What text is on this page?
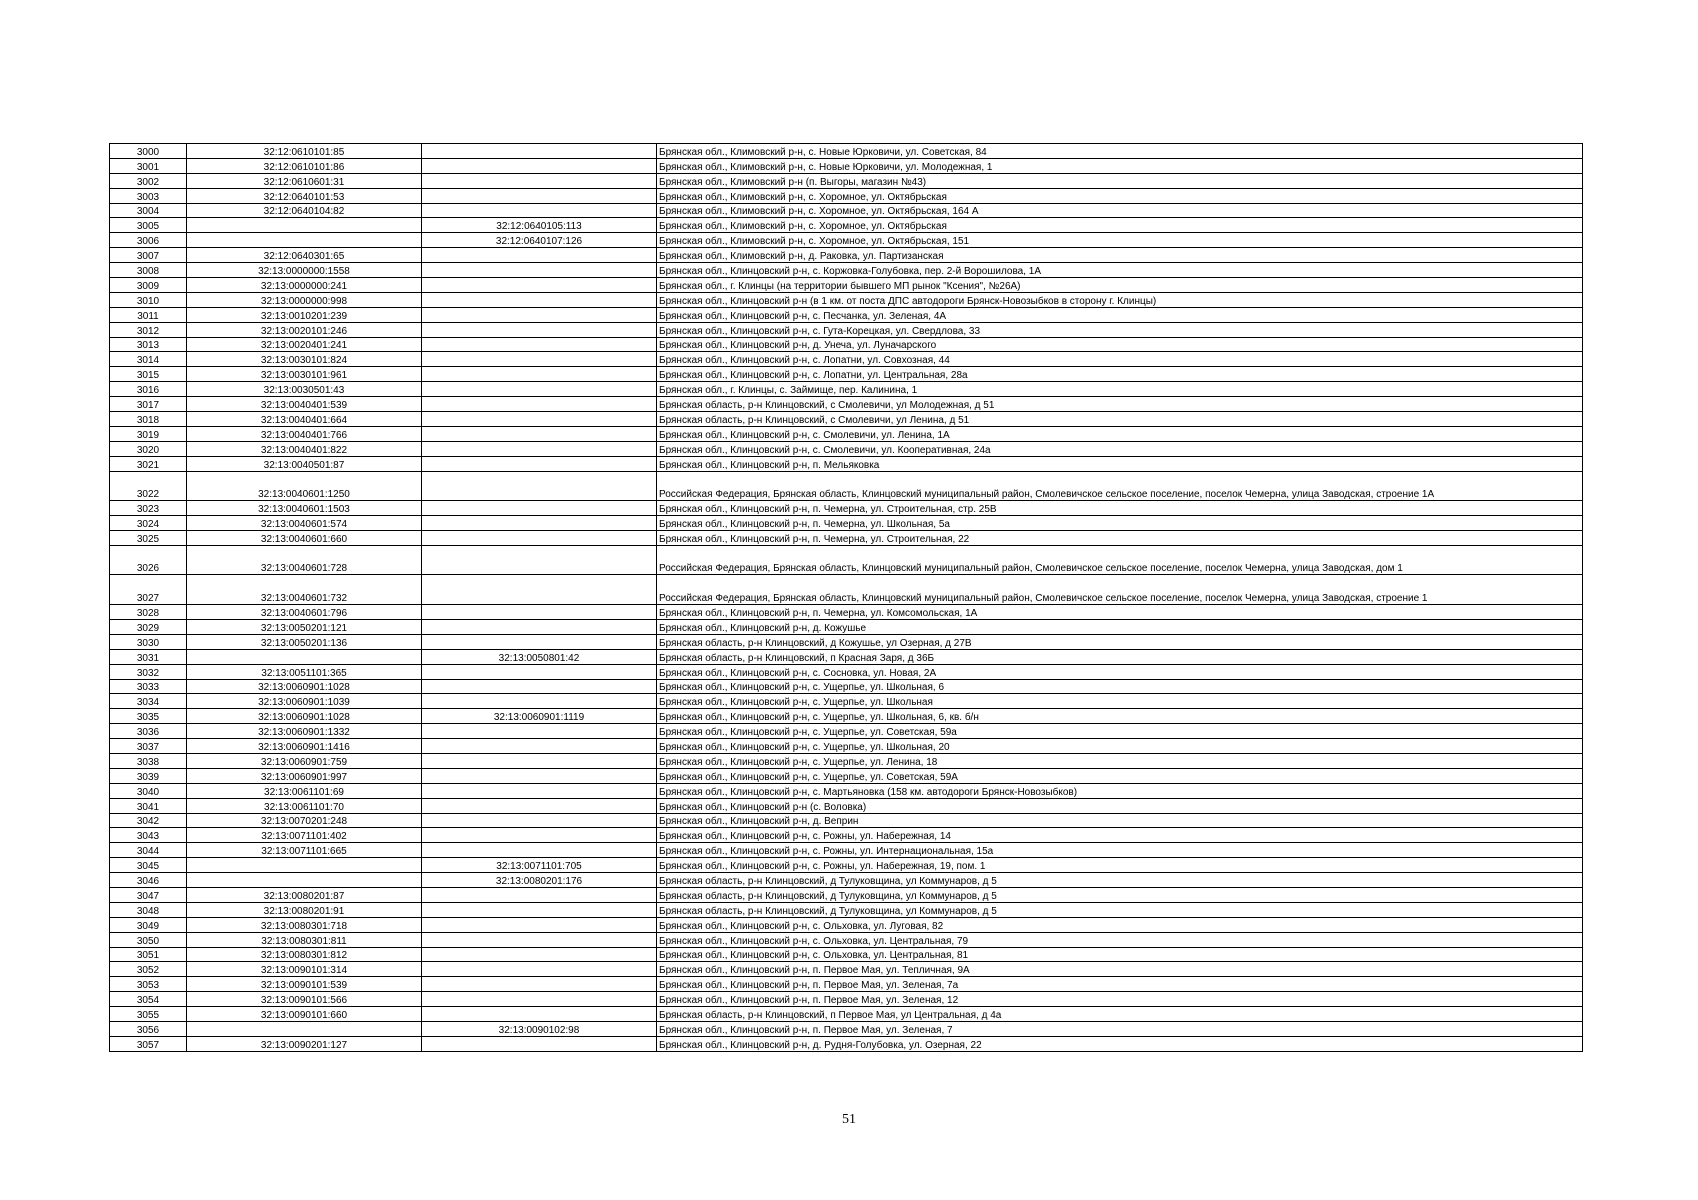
3000	32:12:0610101:85		Брянская обл., Климовский р-н, с. Новые Юрковичи, ул. Советская, 84
3001	32:12:0610101:86		Брянская обл., Климовский р-н, с. Новые Юрковичи, ул. Молодежная, 1
3002	32:12:0610601:31		Брянская обл., Климовский р-н (п. Выгоры, магазин №43)
3003	32:12:0640101:53		Брянская обл., Климовский р-н, с. Хоромное, ул. Октябрьская
3004	32:12:0640104:82		Брянская обл., Климовский р-н, с. Хоромное, ул. Октябрьская, 164 А
3005		32:12:0640105:113	Брянская обл., Климовский р-н, с. Хоромное, ул. Октябрьская
3006		32:12:0640107:126	Брянская обл., Климовский р-н, с. Хоромное, ул. Октябрьская, 151
3007	32:12:0640301:65		Брянская обл., Климовский р-н, д. Раковка, ул. Партизанская
3008	32:13:0000000:1558		Брянская обл., Клинцовский р-н, с. Коржовка-Голубовка, пер. 2-й Ворошилова, 1А
3009	32:13:0000000:241		Брянская обл., г. Клинцы (на территории бывшего МП рынок "Ксения", №26А)
3010	32:13:0000000:998		Брянская обл., Клинцовский р-н (в 1 км. от поста ДПС автодороги Брянск-Новозыбков в сторону г. Клинцы)
3011	32:13:0010201:239		Брянская обл., Клинцовский р-н, с. Песчанка, ул. Зеленая, 4А
3012	32:13:0020101:246		Брянская обл., Клинцовский р-н, с. Гута-Корецкая, ул. Свердлова, 33
3013	32:13:0020401:241		Брянская обл., Клинцовский р-н, д. Унеча, ул. Луначарского
3014	32:13:0030101:824		Брянская обл., Клинцовский р-н, с. Лопатни, ул. Совхозная, 44
3015	32:13:0030101:961		Брянская обл., Клинцовский р-н, с. Лопатни, ул. Центральная, 28а
3016	32:13:0030501:43		Брянская обл., г. Клинцы, с. Займище, пер. Калинина, 1
3017	32:13:0040401:539		Брянская область, р-н Клинцовский, с Смолевичи, ул Молодежная, д 51
3018	32:13:0040401:664		Брянская область, р-н Клинцовский, с Смолевичи, ул Ленина, д 51
3019	32:13:0040401:766		Брянская обл., Клинцовский р-н, с. Смолевичи, ул. Ленина, 1А
3020	32:13:0040401:822		Брянская обл., Клинцовский р-н, с. Смолевичи, ул. Кооперативная, 24а
3021	32:13:0040501:87		Брянская обл., Клинцовский р-н, п. Мельяковка
3022	32:13:0040601:1250		Российская Федерация, Брянская область, Клинцовский муниципальный район, Смолевичское сельское поселение, поселок Чемерна, улица Заводская, строение 1А
3023	32:13:0040601:1503		Брянская обл., Клинцовский р-н, п. Чемерна, ул. Строительная, стр. 25В
3024	32:13:0040601:574		Брянская обл., Клинцовский р-н, п. Чемерна, ул. Школьная, 5а
3025	32:13:0040601:660		Брянская обл., Клинцовский р-н, п. Чемерна, ул. Строительная, 22
3026	32:13:0040601:728		Российская Федерация, Брянская область, Клинцовский муниципальный район, Смолевичское сельское поселение, поселок Чемерна, улица Заводская, дом 1
3027	32:13:0040601:732		Российская Федерация, Брянская область, Клинцовский муниципальный район, Смолевичское сельское поселение, поселок Чемерна, улица Заводская, строение 1
3028	32:13:0040601:796		Брянская обл., Клинцовский р-н, п. Чемерна, ул. Комсомольская, 1А
3029	32:13:0050201:121		Брянская обл., Клинцовский р-н, д. Кожушье
3030	32:13:0050201:136		Брянская область, р-н Клинцовский, д Кожушье, ул Озерная, д 27В
3031		32:13:0050801:42	Брянская область, р-н Клинцовский, п Красная Заря, д 36Б
3032	32:13:0051101:365		Брянская обл., Клинцовский р-н, с. Сосновка, ул. Новая, 2А
3033	32:13:0060901:1028		Брянская обл., Клинцовский р-н, с. Ущерпье, ул. Школьная, 6
3034	32:13:0060901:1039		Брянская обл., Клинцовский р-н, с. Ущерпье, ул. Школьная
3035	32:13:0060901:1028	32:13:0060901:1119	Брянская обл., Клинцовский р-н, с. Ущерпье, ул. Школьная, 6, кв. б/н
3036	32:13:0060901:1332		Брянская обл., Клинцовский р-н, с. Ущерпье, ул. Советская, 59а
3037	32:13:0060901:1416		Брянская обл., Клинцовский р-н, с. Ущерпье, ул. Школьная, 20
3038	32:13:0060901:759		Брянская обл., Клинцовский р-н, с. Ущерпье, ул. Ленина, 18
3039	32:13:0060901:997		Брянская обл., Клинцовский р-н, с. Ущерпье, ул. Советская, 59А
3040	32:13:0061101:69		Брянская обл., Клинцовский р-н, с. Мартьяновка (158 км. автодороги Брянск-Новозыбков)
3041	32:13:0061101:70		Брянская обл., Клинцовский р-н (с. Воловка)
3042	32:13:0070201:248		Брянская обл., Клинцовский р-н, д. Веприн
3043	32:13:0071101:402		Брянская обл., Клинцовский р-н, с. Рожны, ул. Набережная, 14
3044	32:13:0071101:665		Брянская обл., Клинцовский р-н, с. Рожны, ул. Интернациональная, 15а
3045		32:13:0071101:705	Брянская обл., Клинцовский р-н, с. Рожны, ул. Набережная, 19, пом. 1
3046		32:13:0080201:176	Брянская область, р-н Клинцовский, д Тулуковщина, ул Коммунаров, д 5
3047	32:13:0080201:87		Брянская область, р-н Клинцовский, д Тулуковщина, ул Коммунаров, д 5
3048	32:13:0080201:91		Брянская область, р-н Клинцовский, д Тулуковщина, ул Коммунаров, д 5
3049	32:13:0080301:718		Брянская обл., Клинцовский р-н, с. Ольховка, ул. Луговая, 82
3050	32:13:0080301:811		Брянская обл., Клинцовский р-н, с. Ольховка, ул. Центральная, 79
3051	32:13:0080301:812		Брянская обл., Клинцовский р-н, с. Ольховка, ул. Центральная, 81
3052	32:13:0090101:314		Брянская обл., Клинцовский р-н, п. Первое Мая, ул. Тепличная, 9А
3053	32:13:0090101:539		Брянская обл., Клинцовский р-н, п. Первое Мая, ул. Зеленая, 7а
3054	32:13:0090101:566		Брянская обл., Клинцовский р-н, п. Первое Мая, ул. Зеленая, 12
3055	32:13:0090101:660		Брянская область, р-н Клинцовский, п Первое Мая, ул Центральная, д 4а
3056		32:13:0090102:98	Брянская обл., Клинцовский р-н, п. Первое Мая, ул. Зеленая, 7
3057	32:13:0090201:127		Брянская обл., Клинцовский р-н, д. Рудня-Голубовка, ул. Озерная, 22
51
